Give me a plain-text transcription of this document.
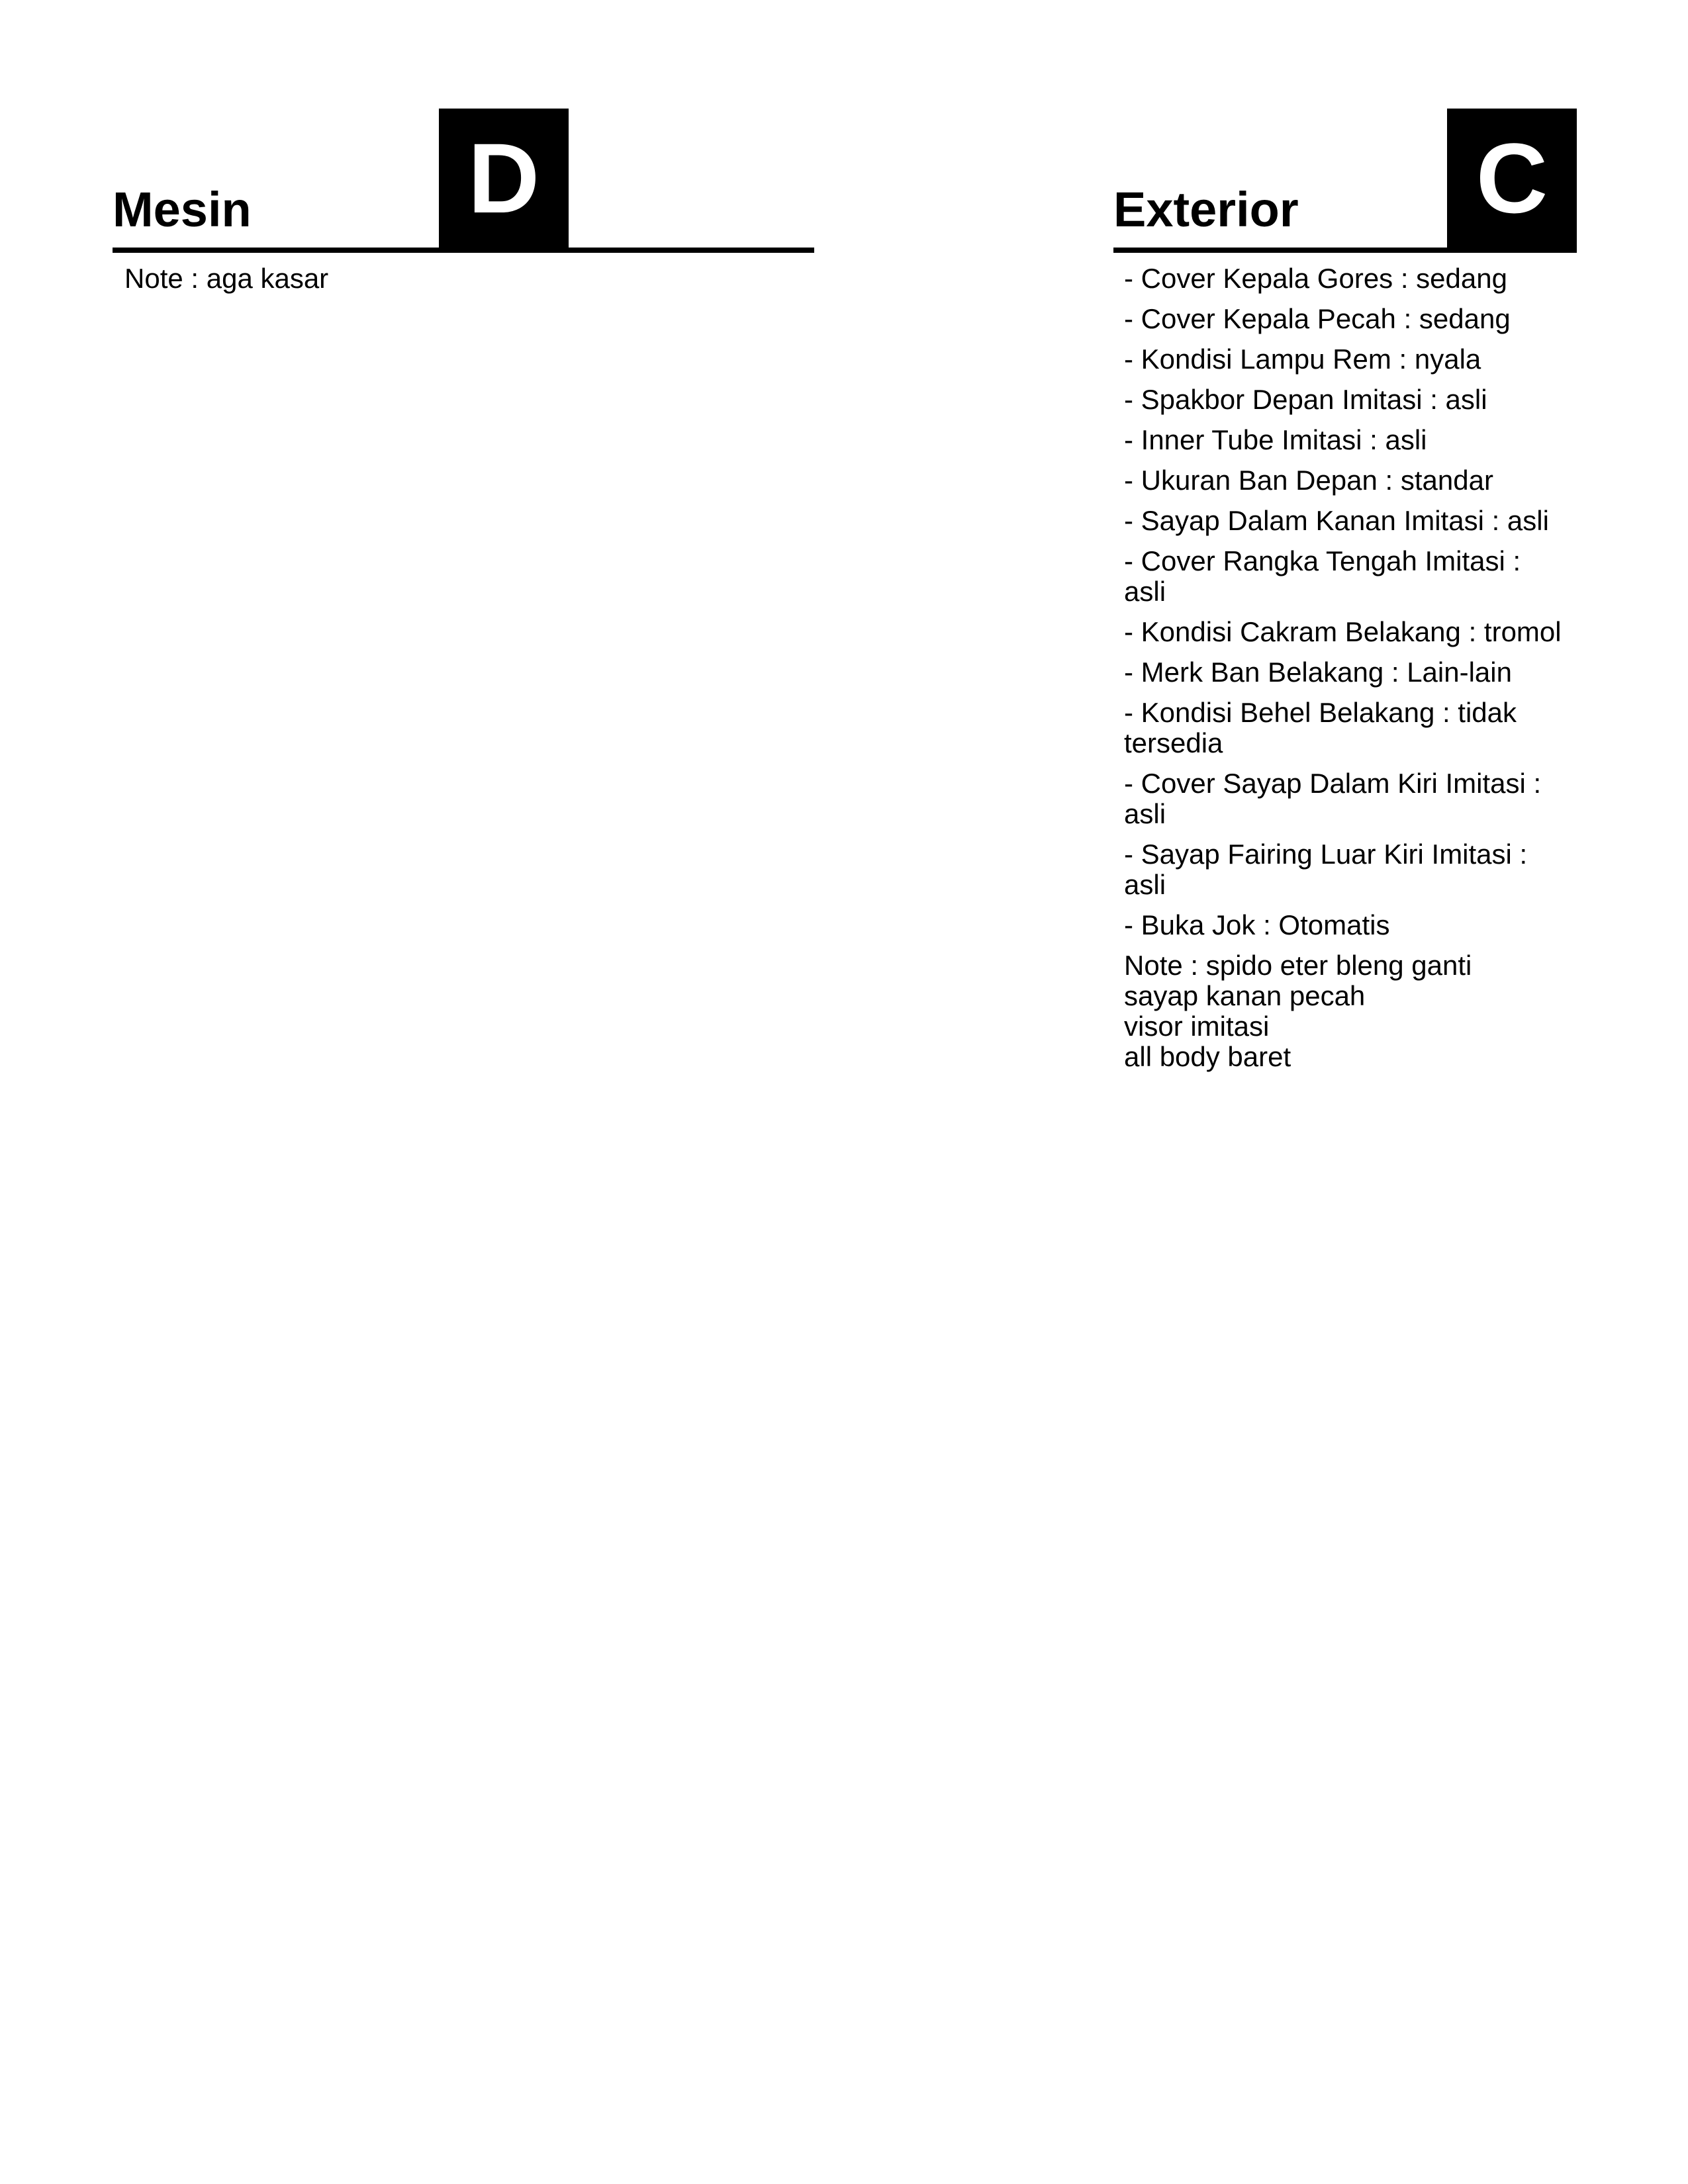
Mesin D

Note : aga kasar

Exterior C

- Cover Kepala Gores : sedang

- Cover Kepala Pecah : sedang

- Kondisi Lampu Rem : nyala

- Spakbor Depan Imitasi : asli

- Inner Tube Imitasi : asli

- Ukuran Ban Depan : standar

- Sayap Dalam Kanan Imitasi : asli

- Cover Rangka Tengah Imitasi : asli

- Kondisi Cakram Belakang : tromol

- Merk Ban Belakang : Lain-lain

- Kondisi Behel Belakang : tidak tersedia

- Cover Sayap Dalam Kiri Imitasi : asli

- Sayap Fairing Luar Kiri Imitasi : asli

- Buka Jok : Otomatis

Note : spido eter bleng ganti
sayap kanan pecah
visor imitasi
all body baret
